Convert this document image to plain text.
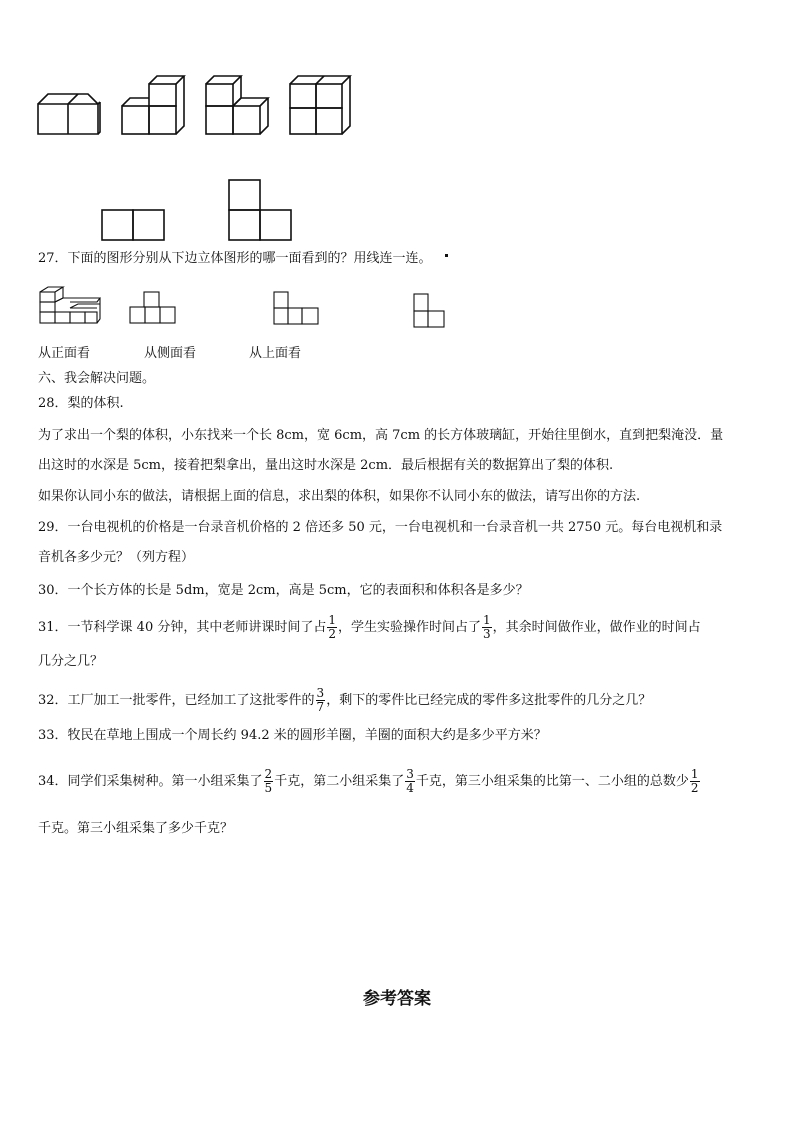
27．下面的图形分别从下边立体图形的哪一面看到的？用线连一连。
从正面看	从侧面看	从上面看
六、我会解决问题。
28．梨的体积.
为了求出一个梨的体积，小东找来一个长 8cm，宽 6cm，高 7cm 的长方体玻璃缸，开始往里倒水，直到把梨淹没．量
出这时的水深是 5cm，接着把梨拿出，量出这时水深是 2cm．最后根据有关的数据算出了梨的体积.
如果你认同小东的做法，请根据上面的信息，求出梨的体积，如果你不认同小东的做法，请写出你的方法.
29．一台电视机的价格是一台录音机价格的 2 倍还多 50 元，一台电视机和一台录音机一共 2750 元。每台电视机和录
音机各多少元？（列方程）
30．一个长方体的长是 5dm，宽是 2cm，高是 5cm，它的表面积和体积各是多少？
31．一节科学课 40 分钟，其中老师讲课时间了占 $\frac{1}{2}$ ，学生实验操作时间占了 $\frac{1}{3}$ ，其余时间做作业，做作业的时间占
几分之几？
32．工厂加工一批零件，已经加工了这批零件的 $\frac{3}{7}$ ，剩下的零件比已经完成的零件多这批零件的几分之几？
33．牧民在草地上围成一个周长约 94.2 米的圆形羊圈，羊圈的面积大约是多少平方米？
34．同学们采集树种。第一小组采集了 $\frac{2}{5}$ 千克，第二小组采集了 $\frac{3}{4}$ 千克，第三小组采集的比第一、二小组的总数少 $\frac{1}{2}$
千克。第三小组采集了多少千克？
参考答案
